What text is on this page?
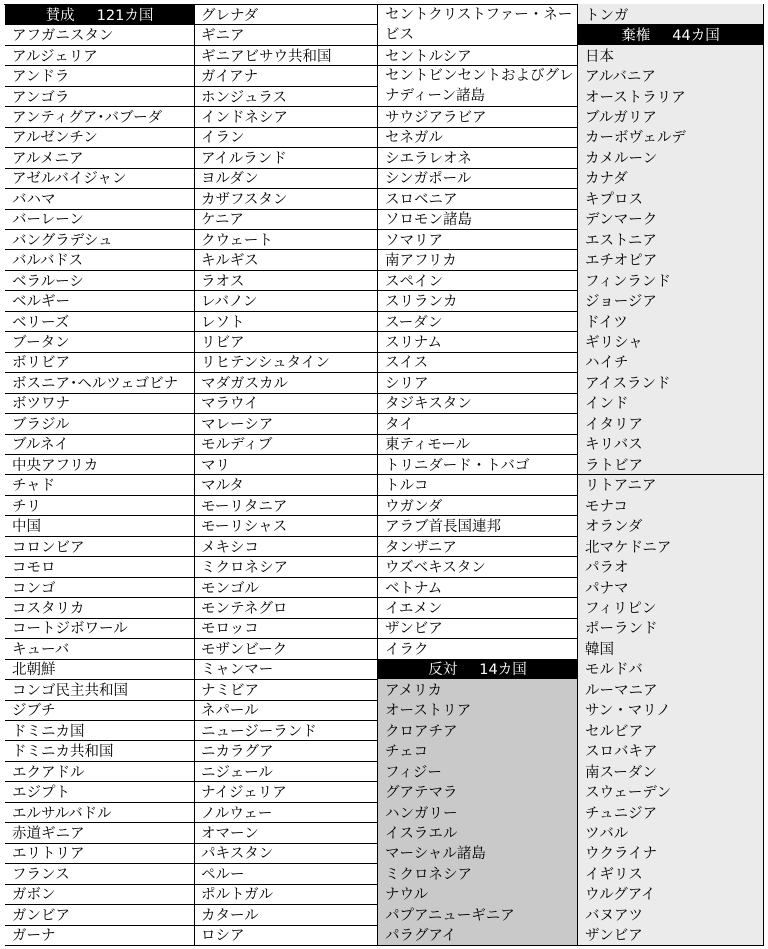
賛成 121カ国
アフガニスタン
アルジェリア
アンドラ
アンゴラ
アンティグア･バブーダ
アルゼンチン
アルメニア
アゼルバイジャン
バハマ
バーレーン
バングラデシュ
バルバドス
ベラルーシ
ベルギー
ベリーズ
ブータン
ボリビア
ボスニア･ヘルツェゴビナ
ボツワナ
ブラジル
ブルネイ
中央アフリカ
チャド
チリ
中国
コロンビア
コモロ
コンゴ
コスタリカ
コートジボワール
キューバ
北朝鮮
コンゴ民主共和国
ジブチ
ドミニカ国
ドミニカ共和国
エクアドル
エジプト
エルサルバドル
赤道ギニア
エリトリア
フランス
ガボン
ガンビア
ガーナ
グレナダ
ギニア
ギニアビサウ共和国
ガイアナ
ホンジュラス
インドネシア
イラン
アイルランド
ヨルダン
カザフスタン
ケニア
クウェート
キルギス
ラオス
レバノン
レソト
リビア
リヒテンシュタイン
マダガスカル
マラウイ
マレーシア
モルディブ
マリ
マルタ
モーリタニア
モーリシャス
メキシコ
ミクロネシア
モンゴル
モンテネグロ
モロッコ
モザンビーク
ミャンマー
ナミビア
ネパール
ニュージーランド
ニカラグア
ニジェール
ナイジェリア
ノルウェー
オマーン
パキスタン
ペルー
ポルトガル
カタール
ロシア
セントクリストファー・ネービス
セントルシア
セントビンセントおよびグレナディーン諸島
サウジアラビア
セネガル
シエラレオネ
シンガポール
スロベニア
ソロモン諸島
ソマリア
南アフリカ
スペイン
スリランカ
スーダン
スリナム
スイス
シリア
タジキスタン
タイ
東ティモール
トリニダード・トバゴ
トルコ
ウガンダ
アラブ首長国連邦
タンザニア
ウズベキスタン
ベトナム
イエメン
ザンビア
イラク
反対 14カ国
アメリカ
オーストリア
クロアチア
チェコ
フィジー
グアテマラ
ハンガリー
イスラエル
マーシャル諸島
ミクロネシア
ナウル
パプアニューギニア
パラグアイ
トンガ
棄権 44カ国
日本
アルバニア
オーストラリア
ブルガリア
カーボヴェルデ
カメルーン
カナダ
キプロス
デンマーク
エストニア
エチオピア
フィンランド
ジョージア
ドイツ
ギリシャ
ハイチ
アイスランド
インド
イタリア
キリバス
ラトビア
リトアニア
モナコ
オランダ
北マケドニア
パラオ
パナマ
フィリピン
ポーランド
韓国
モルドバ
ルーマニア
サン・マリノ
セルビア
スロバキア
南スーダン
スウェーデン
チュニジア
ツバル
ウクライナ
イギリス
ウルグアイ
バヌアツ
ザンビア
